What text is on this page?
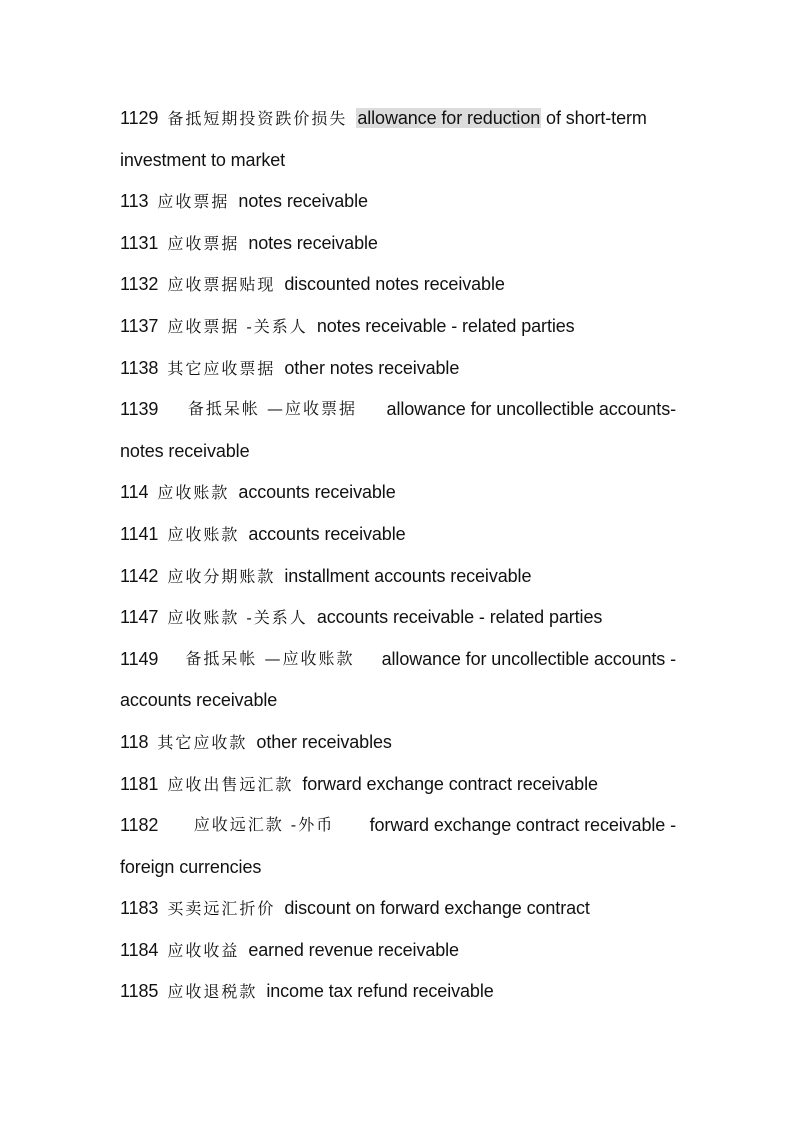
1129 备抵短期投资跌价损失 allowance for reduction of short-term
investment to market
113 应收票据 notes receivable
1131 应收票据 notes receivable
1132 应收票据贴现 discounted notes receivable
1137 应收票据 -关系人 notes receivable - related parties
1138 其它应收票据 other notes receivable
1139 备抵呆帐 —应收票据 allowance for uncollectible accounts-
notes receivable
114 应收账款 accounts receivable
1141 应收账款 accounts receivable
1142 应收分期账款 installment accounts receivable
1147 应收账款 -关系人 accounts receivable - related parties
1149 备抵呆帐 —应收账款 allowance for uncollectible accounts -
accounts receivable
118 其它应收款 other receivables
1181 应收出售远汇款 forward exchange contract receivable
1182 应收远汇款 -外币 forward exchange contract receivable -
foreign currencies
1183 买卖远汇折价 discount on forward exchange contract
1184 应收收益 earned revenue receivable
1185 应收退税款 income tax refund receivable
